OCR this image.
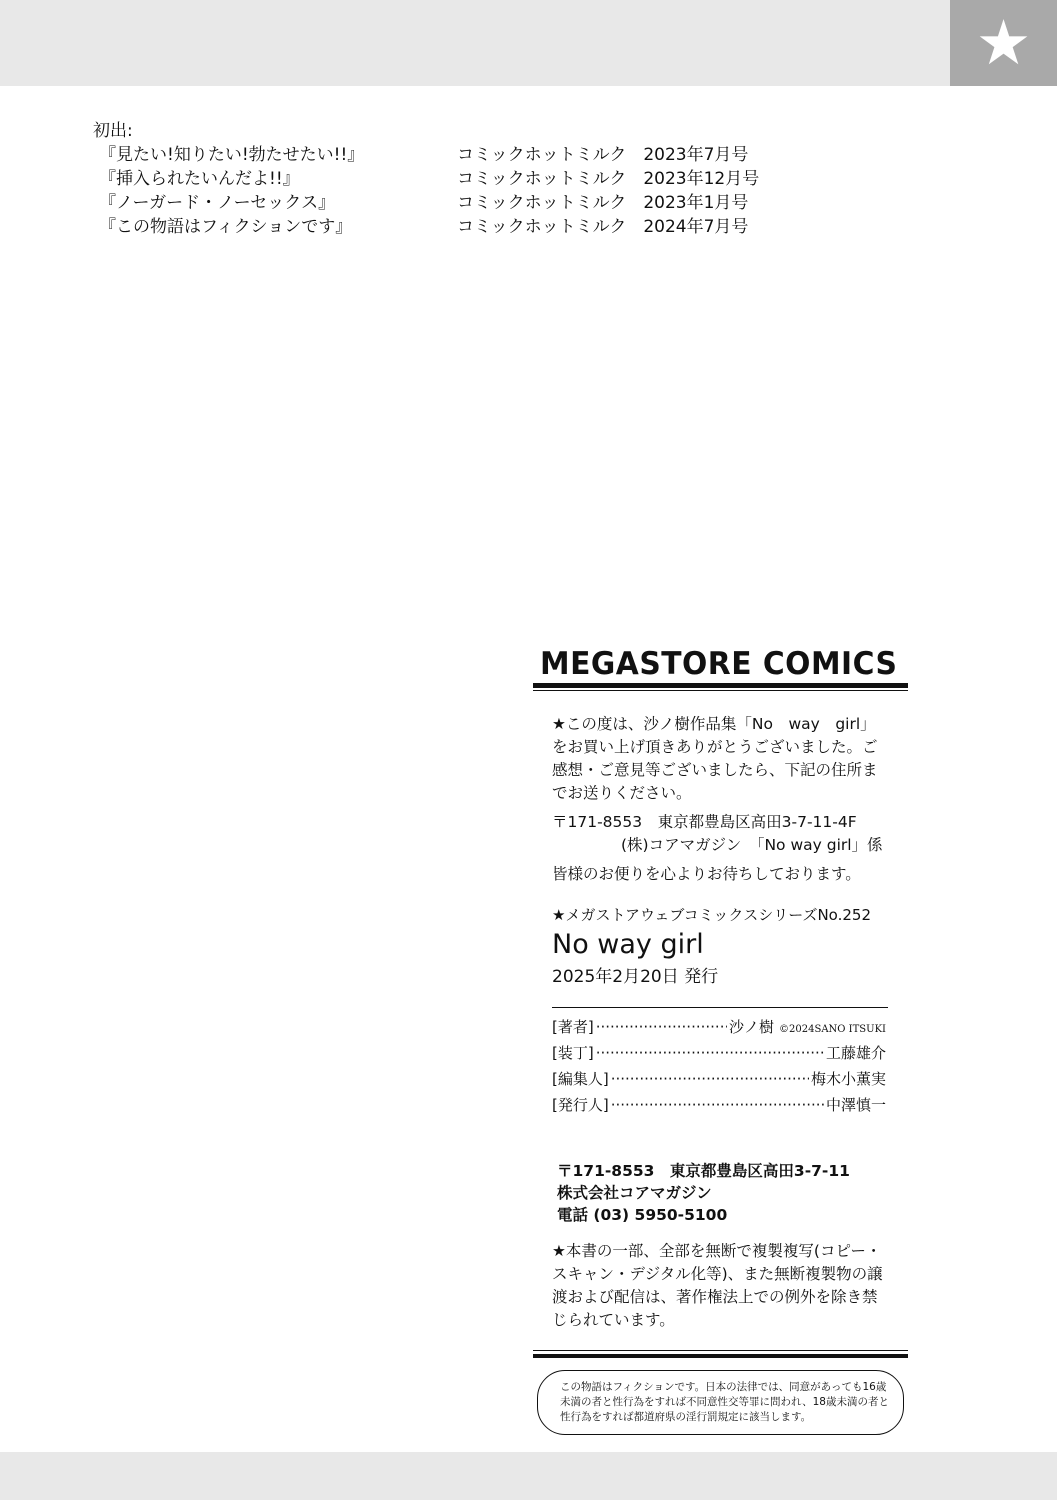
★
初出:
『見たい!知りたい!勃たせたい!!』	コミックホットミルク　2023年7月号
『挿入られたいんだよ!!』	コミックホットミルク　2023年12月号
『ノーガード・ノーセックス』	コミックホットミルク　2023年1月号
『この物語はフィクションです』	コミックホットミルク　2024年7月号
MEGASTORE COMICS
★この度は、沙ノ樹作品集「No　way　girl」をお買い上げ頂きありがとうございました。ご感想・ご意見等ございましたら、下記の住所までお送りください。
〒171-8553　東京都豊島区高田3-7-11-4F
(株)コアマガジン　「No way girl」係
皆様のお便りを心よりお待ちしております。
★メガストアウェブコミックスシリーズNo.252
No way girl
2025年2月20日 発行
[著者] ·····	沙ノ樹 ©2024SANO ITSUKI
[装丁] ·····	工藤雄介
[編集人] ·····	梅木小薫実
[発行人] ·····	中澤慎一
〒171-8553　東京都豊島区高田3-7-11
株式会社コアマガジン
電話 (03) 5950-5100
★本書の一部、全部を無断で複製複写(コピー・スキャン・デジタル化等)、また無断複製物の譲渡および配信は、著作権法上での例外を除き禁じられています。
この物語はフィクションです。日本の法律では、同意があっても16歳未満の者と性行為をすれば不同意性交等罪に問われ、18歳未満の者と性行為をすれば都道府県の淫行罰規定に該当します。
